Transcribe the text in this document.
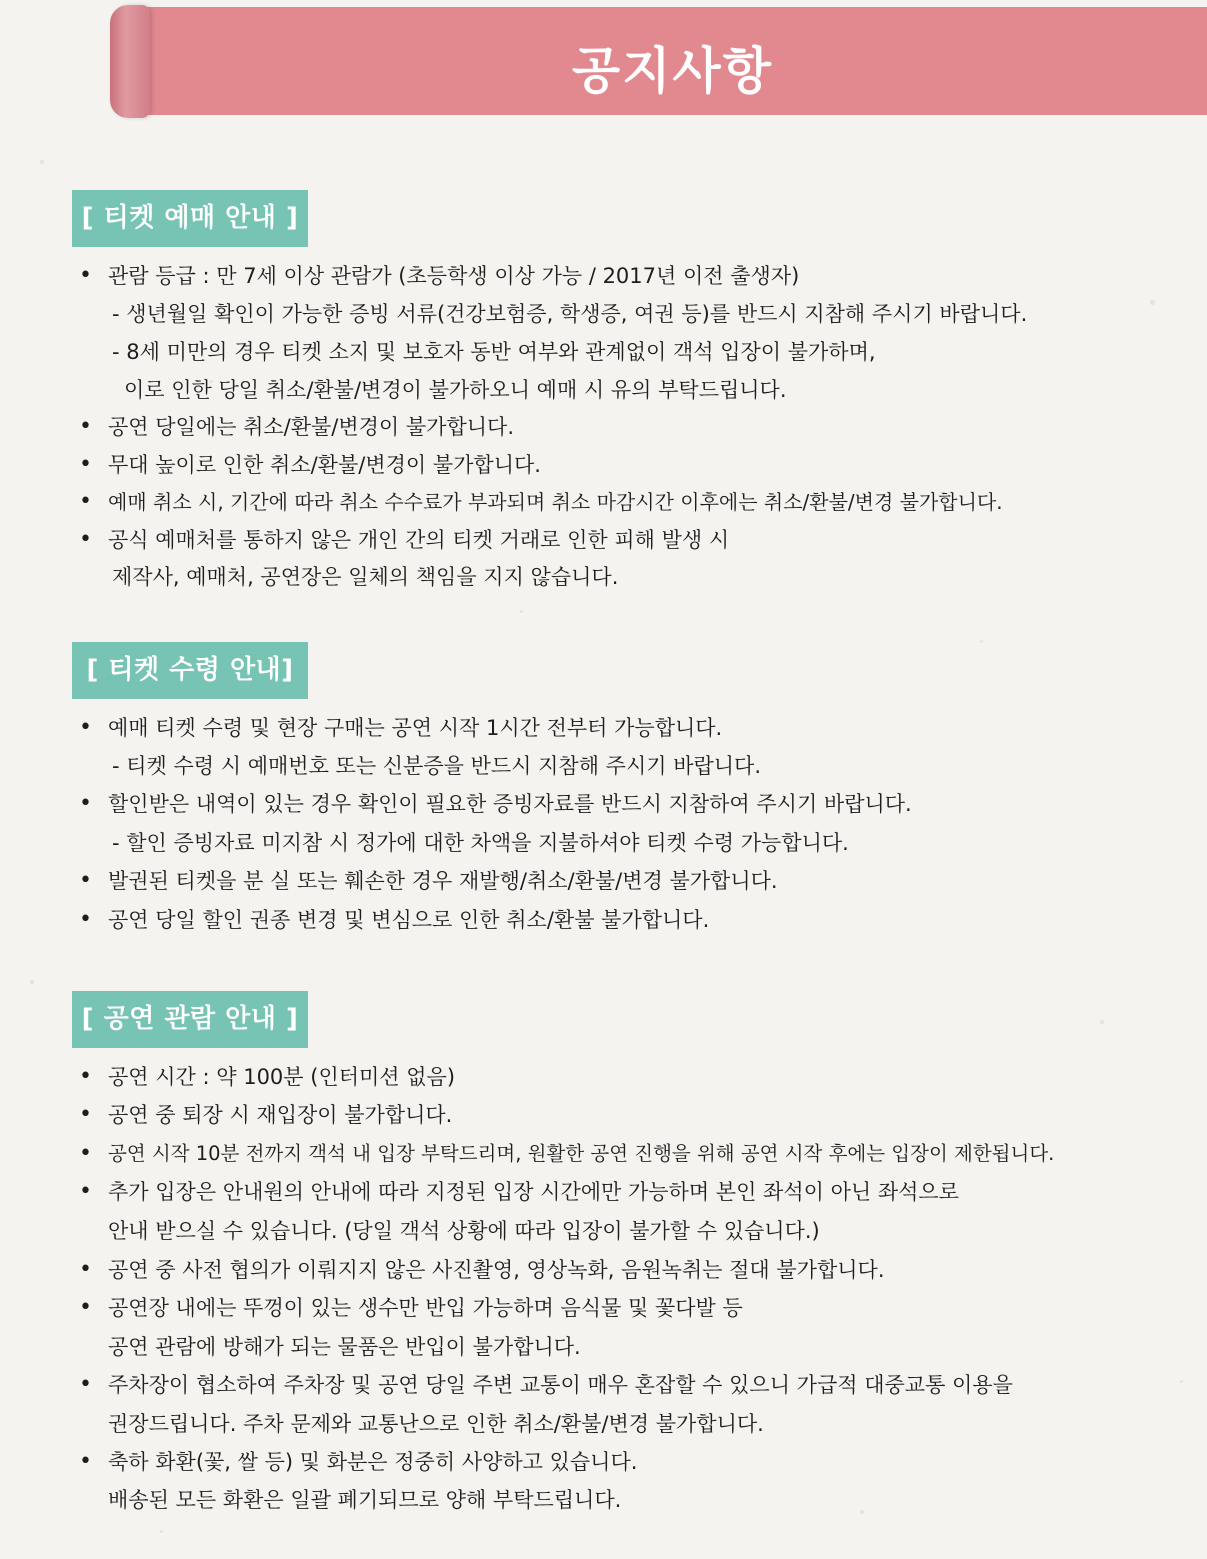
공지사항
[ 티켓 예매 안내 ]
• 관람 등급 : 만 7세 이상 관람가 (초등학생 이상 가능 / 2017년 이전 출생자)
- 생년월일 확인이 가능한 증빙 서류(건강보험증, 학생증, 여권 등)를 반드시 지참해 주시기 바랍니다.
- 8세 미만의 경우 티켓 소지 및 보호자 동반 여부와 관계없이 객석 입장이 불가하며,
이로 인한 당일 취소/환불/변경이 불가하오니 예매 시 유의 부탁드립니다.
• 공연 당일에는 취소/환불/변경이 불가합니다.
• 무대 높이로 인한 취소/환불/변경이 불가합니다.
• 예매 취소 시, 기간에 따라 취소 수수료가 부과되며 취소 마감시간 이후에는 취소/환불/변경 불가합니다.
• 공식 예매처를 통하지 않은 개인 간의 티켓 거래로 인한 피해 발생 시
제작사, 예매처, 공연장은 일체의 책임을 지지 않습니다.
[ 티켓 수령 안내]
• 예매 티켓 수령 및 현장 구매는 공연 시작 1시간 전부터 가능합니다.
- 티켓 수령 시 예매번호 또는 신분증을 반드시 지참해 주시기 바랍니다.
• 할인받은 내역이 있는 경우 확인이 필요한 증빙자료를 반드시 지참하여 주시기 바랍니다.
- 할인 증빙자료 미지참 시 정가에 대한 차액을 지불하셔야 티켓 수령 가능합니다.
• 발권된 티켓을 분 실 또는 훼손한 경우 재발행/취소/환불/변경 불가합니다.
• 공연 당일 할인 권종 변경 및 변심으로 인한 취소/환불 불가합니다.
[ 공연 관람 안내 ]
• 공연 시간 : 약 100분 (인터미션 없음)
• 공연 중 퇴장 시 재입장이 불가합니다.
• 공연 시작 10분 전까지 객석 내 입장 부탁드리며, 원활한 공연 진행을 위해 공연 시작 후에는 입장이 제한됩니다.
• 추가 입장은 안내원의 안내에 따라 지정된 입장 시간에만 가능하며 본인 좌석이 아닌 좌석으로
안내 받으실 수 있습니다. (당일 객석 상황에 따라 입장이 불가할 수 있습니다.)
• 공연 중 사전 협의가 이뤄지지 않은 사진촬영, 영상녹화, 음원녹취는 절대 불가합니다.
• 공연장 내에는 뚜껑이 있는 생수만 반입 가능하며 음식물 및 꽃다발 등
공연 관람에 방해가 되는 물품은 반입이 불가합니다.
• 주차장이 협소하여 주차장 및 공연 당일 주변 교통이 매우 혼잡할 수 있으니 가급적 대중교통 이용을
권장드립니다. 주차 문제와 교통난으로 인한 취소/환불/변경 불가합니다.
• 축하 화환(꽃, 쌀 등) 및 화분은 정중히 사양하고 있습니다.
배송된 모든 화환은 일괄 폐기되므로 양해 부탁드립니다.
